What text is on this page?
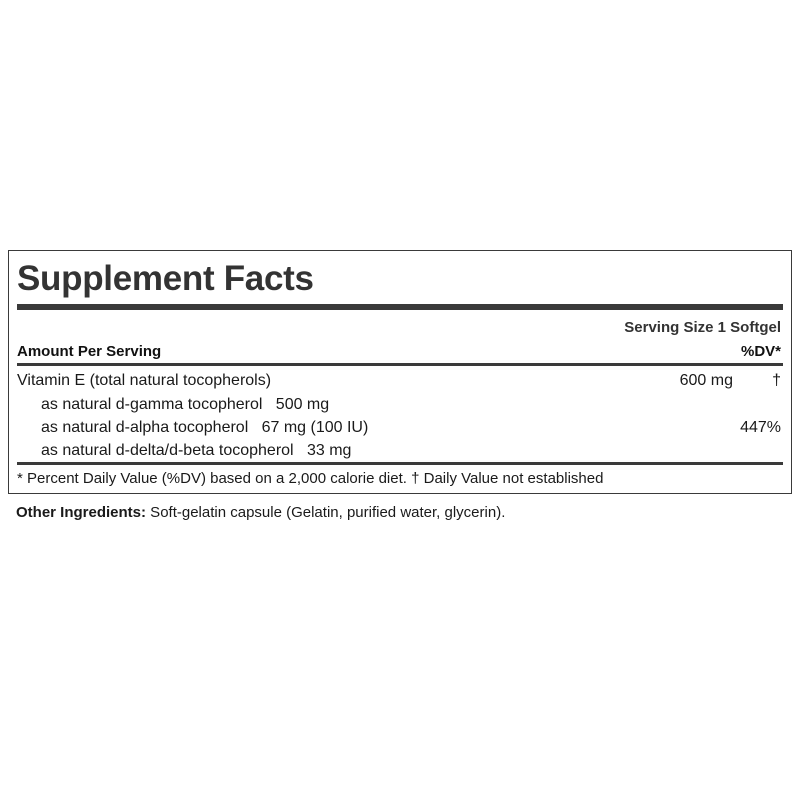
Supplement Facts
Serving Size 1 Softgel
Amount Per Serving	%DV*
Vitamin E (total natural tocopherols)	600 mg †
as natural d-gamma tocopherol   500 mg
as natural d-alpha tocopherol   67 mg (100 IU)	447%
as natural d-delta/d-beta tocopherol   33 mg
* Percent Daily Value (%DV) based on a 2,000 calorie diet. † Daily Value not established
Other Ingredients: Soft-gelatin capsule (Gelatin, purified water, glycerin).
